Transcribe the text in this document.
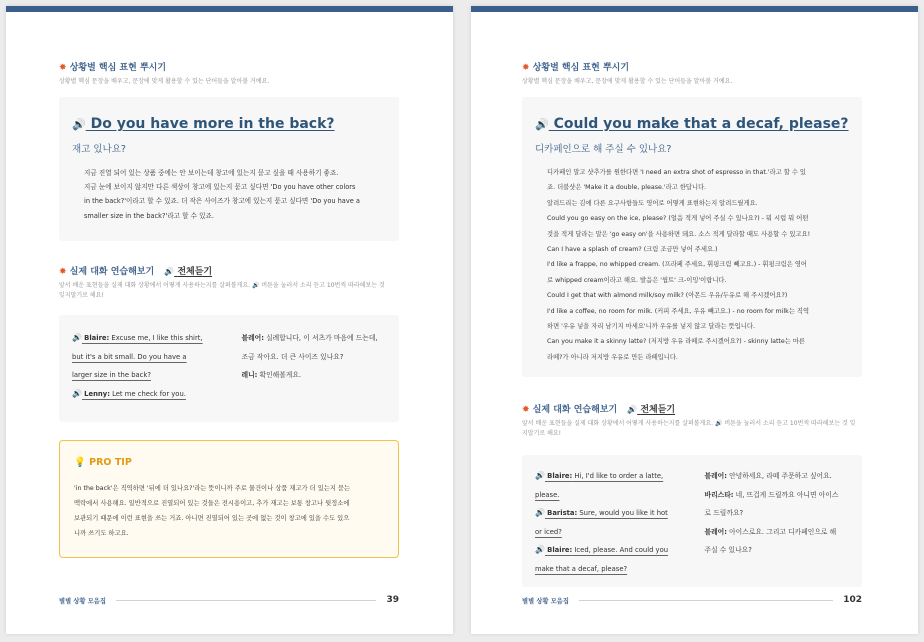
✸ 상황별 핵심 표현 뿌시기
상황별 핵심 문장을 배우고, 문장에 맞게 활용할 수 있는 단어들을 알아볼 거예요.
🔊 Do you have more in the back?
재고 있나요?
지금 진열 되어 있는 상품 중에는 안 보이는데 창고에 있는지 묻고 싶을 때 사용하기 좋죠.
지금 눈에 보이지 않지만 다른 색상이 창고에 있는지 묻고 싶다면 'Do you have other colors
in the back?'이라고 할 수 있죠. 더 작은 사이즈가 창고에 있는지 묻고 싶다면 'Do you have a
smaller size in the back?'라고 할 수 있죠.
✸ 실제 대화 연습해보기 🔊 전체듣기
앞서 배운 표현들을 실제 대화 상황에서 어떻게 사용하는지를 살펴볼게요. 🔊 버튼을 눌러서 소리 듣고 10번씩 따라해보는 것 잊지말기로 해요!
🔊 Blaire: Excuse me, I like this shirt,
but it's a bit small. Do you have a
larger size in the back?
🔊 Lenny: Let me check for you.
블레어: 실례합니다, 이 셔츠가 마음에 드는데,
조금 작아요. 더 큰 사이즈 있나요?
레니: 확인해볼게요.
💡 PRO TIP
'in the back'은 직역하면 '뒤에 더 있나요?'라는 뜻이니까 주로 물건이나 상품 재고가 더 있는지 묻는
맥락에서 사용해요. 일반적으로 진열되어 있는 것들은 전시용이고, 추가 재고는 보통 창고나 뒷정소에
보관되기 때문에 이런 표현을 쓰는 거죠. 아니면 진열되어 있는 곳에 없는 것이 창고에 있을 수도 있으
니까 쓰기도 하고요.
별별 상황 모음집	39
✸ 상황별 핵심 표현 뿌시기
상황별 핵심 문장을 배우고, 문장에 맞게 활용할 수 있는 단어들을 알아볼 거예요.
🔊 Could you make that a decaf, please?
디카페인으로 해 주실 수 있나요?
디카페인 말고 샷추가를 원한다면 'I need an extra shot of espresso in that.'라고 할 수 있
죠. 더블샷은 'Make it a double, please.'라고 한답니다.
알려드리는 김에 다른 요구사항들도 영어로 어떻게 표현하는지 알려드릴게요.
Could you go easy on the ice, please? (얼음 적게 넣어 주실 수 있나요?) - 뭐 시럽 뭐 어떤
것을 적게 달라는 말은 'go easy on'을 사용하면 돼요. 소스 적게 달라할 때도 사용할 수 있고요!
Can I have a splash of cream? (크림 조금만 넣어 주세요.)
I'd like a frappe, no whipped cream. (프라페 주세요, 휘핑크림 빼고요.) - 휘핑크림은 영어
로 whipped cream이라고 해요. 발음은 '윕트' 크-이밍'이랍니다.
Could I get that with almond milk/soy milk? (아몬드 우유/두유로 해 주시겠어요?)
I'd like a coffee, no room for milk. (커피 주세요, 우유 빼고요.) - no room for milk는 직역
하면 '우유 넣을 자리 남기지 마세요'니까 우유를 넣지 않고 달라는 뜻입니다.
Can you make it a skinny latte? (저지방 우유 라떼로 주시겠어요?) - skinny latte는 마른
라떼?가 아니라 저지방 우유로 만든 라떼입니다.
✸ 실제 대화 연습해보기 🔊 전체듣기
앞서 배운 표현들을 실제 대화 상황에서 어떻게 사용하는지를 살펴볼게요. 🔊 버튼을 눌러서 소리 듣고 10번씩 따라해보는 것 잊지말기로 해요!
🔊 Blaire: Hi, I'd like to order a latte,
please.
🔊 Barista: Sure, would you like it hot
or iced?
🔊 Blaire: Iced, please. And could you
make that a decaf, please?
블레어: 안녕하세요, 라떼 주문하고 싶어요.
바리스타: 네, 뜨겁게 드릴까요 아니면 아이스
로 드릴까요?
블레어: 아이스로요. 그리고 디카페인으로 해
주실 수 있나요?
별별 상황 모음집	102
